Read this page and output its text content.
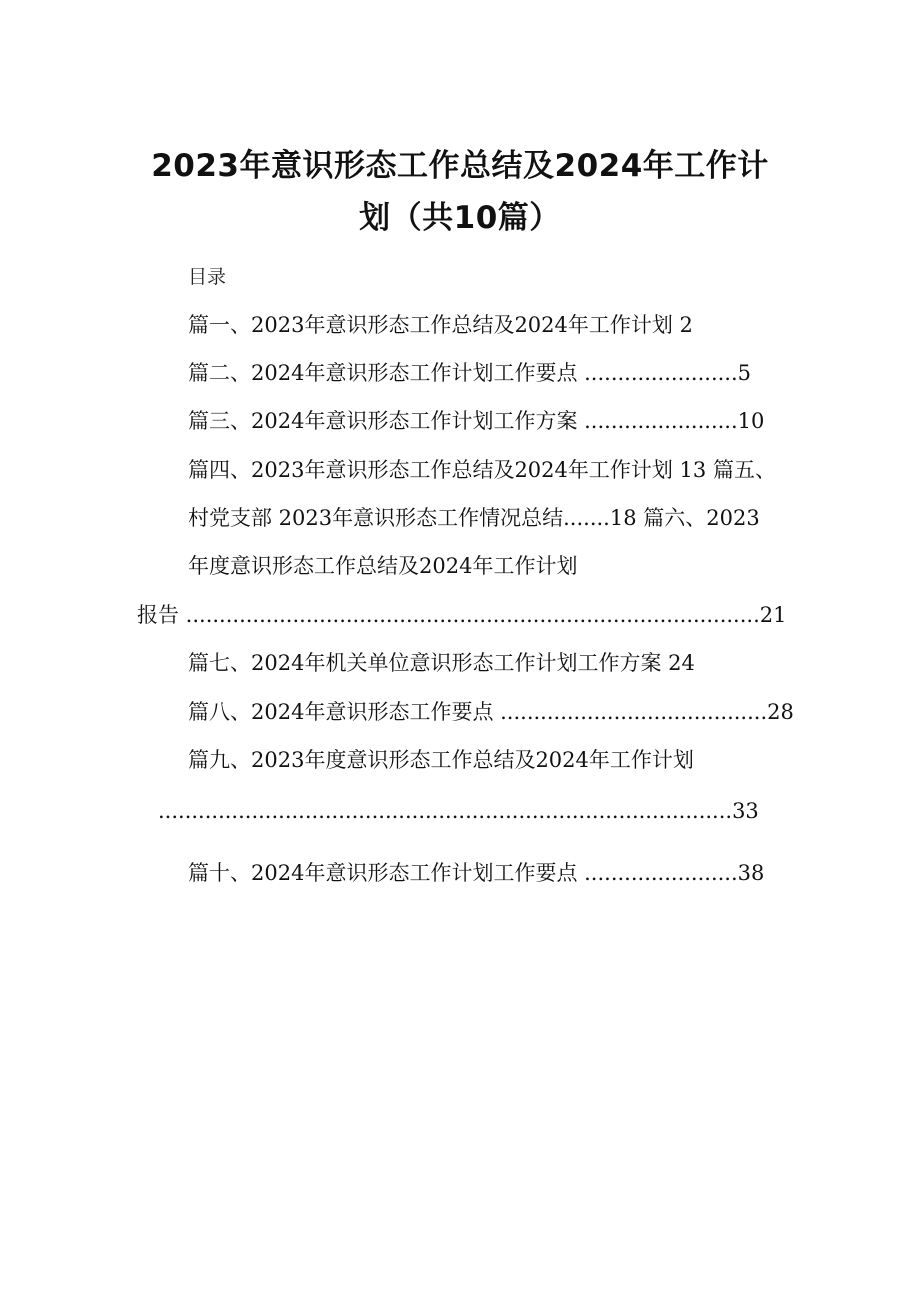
2023年意识形态工作总结及2024年工作计
划（共10篇）
目录
篇一、2023年意识形态工作总结及2024年工作计划 2
篇二、2024年意识形态工作计划工作要点 .......................5
篇三、2024年意识形态工作计划工作方案 .......................10
篇四、2023年意识形态工作总结及2024年工作计划 13 篇五、
村党支部 2023年意识形态工作情况总结.......18 篇六、2023
年度意识形态工作总结及2024年工作计划
报告 ......................................................................................21
篇七、2024年机关单位意识形态工作计划工作方案 24
篇八、2024年意识形态工作要点 ........................................28
篇九、2023年度意识形态工作总结及2024年工作计划
......................................................................................33
篇十、2024年意识形态工作计划工作要点 .......................38
